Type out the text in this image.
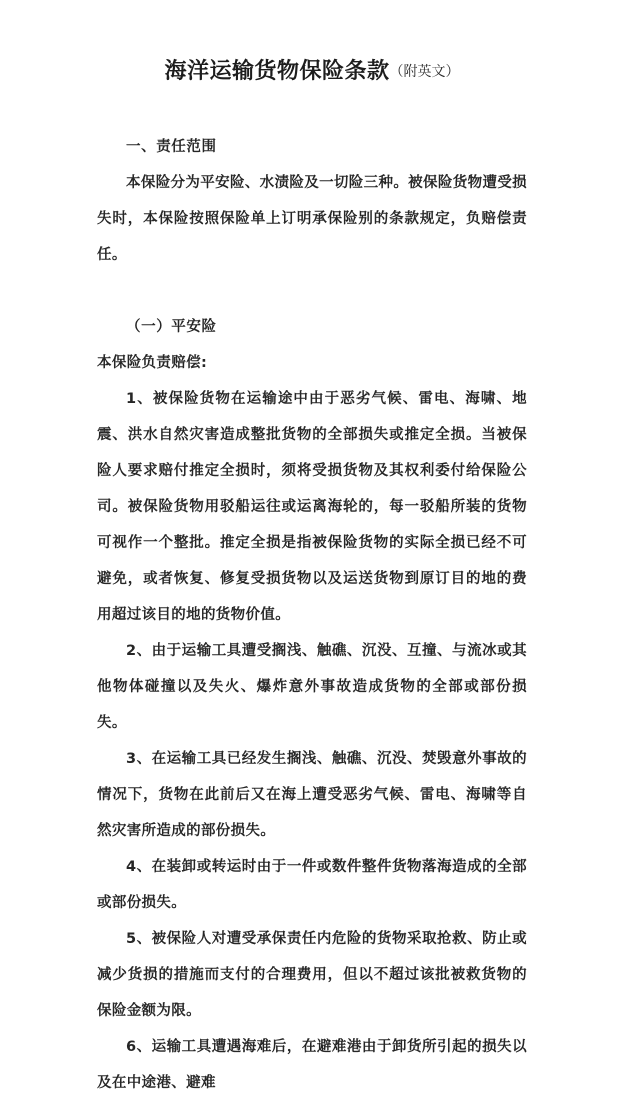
海洋运输货物保险条款（附英文）

一、责任范围

本保险分为平安险、水渍险及一切险三种。被保险货物遭受损失时，本保险按照保险单上订明承保险别的条款规定，负赔偿责任。

（一）平安险

本保险负责赔偿:

1、被保险货物在运输途中由于恶劣气候、雷电、海啸、地震、洪水自然灾害造成整批货物的全部损失或推定全损。当被保险人要求赔付推定全损时，须将受损货物及其权利委付给保险公司。被保险货物用驳船运往或运离海轮的，每一驳船所装的货物可视作一个整批。推定全损是指被保险货物的实际全损已经不可避免，或者恢复、修复受损货物以及运送货物到原订目的地的费用超过该目的地的货物价值。

2、由于运输工具遭受搁浅、触礁、沉没、互撞、与流冰或其他物体碰撞以及失火、爆炸意外事故造成货物的全部或部份损失。

3、在运输工具已经发生搁浅、触礁、沉没、焚毁意外事故的情况下，货物在此前后又在海上遭受恶劣气候、雷电、海啸等自然灾害所造成的部份损失。

4、在装卸或转运时由于一件或数件整件货物落海造成的全部或部份损失。

5、被保险人对遭受承保责任内危险的货物采取抢救、防止或减少货损的措施而支付的合理费用，但以不超过该批被救货物的保险金额为限。

6、运输工具遭遇海难后，在避难港由于卸货所引起的损失以及在中途港、避难
